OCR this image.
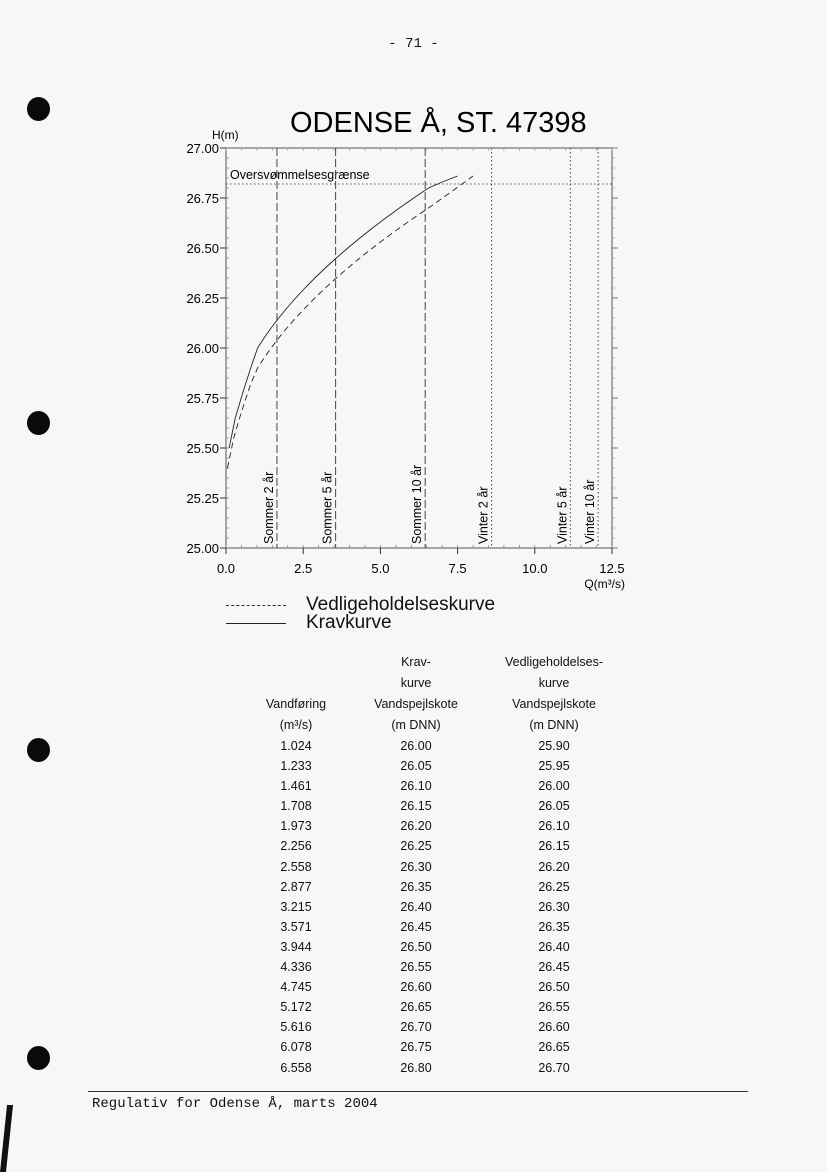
- 71 -
25.00
25.25
25.50
25.75
26.00
26.25
26.50
26.75
27.00
0.0	2.5	5.0	7.5	10.0	12.5
H(m)
Q(m³/s)
ODENSE Å, ST. 47398
Oversvømmelsesgrænse
Sommer 2 år	Sommer 5 år	Sommer 10 år	Vinter 2 år	Vinter 5 år Vinter 10 år
Vedligeholdelseskurve
Kravkurve
	Krav-	Vedligeholdelses-
	kurve	kurve
Vandføring	Vandspejlskote	Vandspejlskote
(m³/s)	(m DNN)	(m DNN)
1.024	26.00	25.90
1.233	26.05	25.95
1.461	26.10	26.00
1.708	26.15	26.05
1.973	26.20	26.10
2.256	26.25	26.15
2.558	26.30	26.20
2.877	26.35	26.25
3.215	26.40	26.30
3.571	26.45	26.35
3.944	26.50	26.40
4.336	26.55	26.45
4.745	26.60	26.50
5.172	26.65	26.55
5.616	26.70	26.60
6.078	26.75	26.65
6.558	26.80	26.70
Regulativ for Odense Å, marts 2004
